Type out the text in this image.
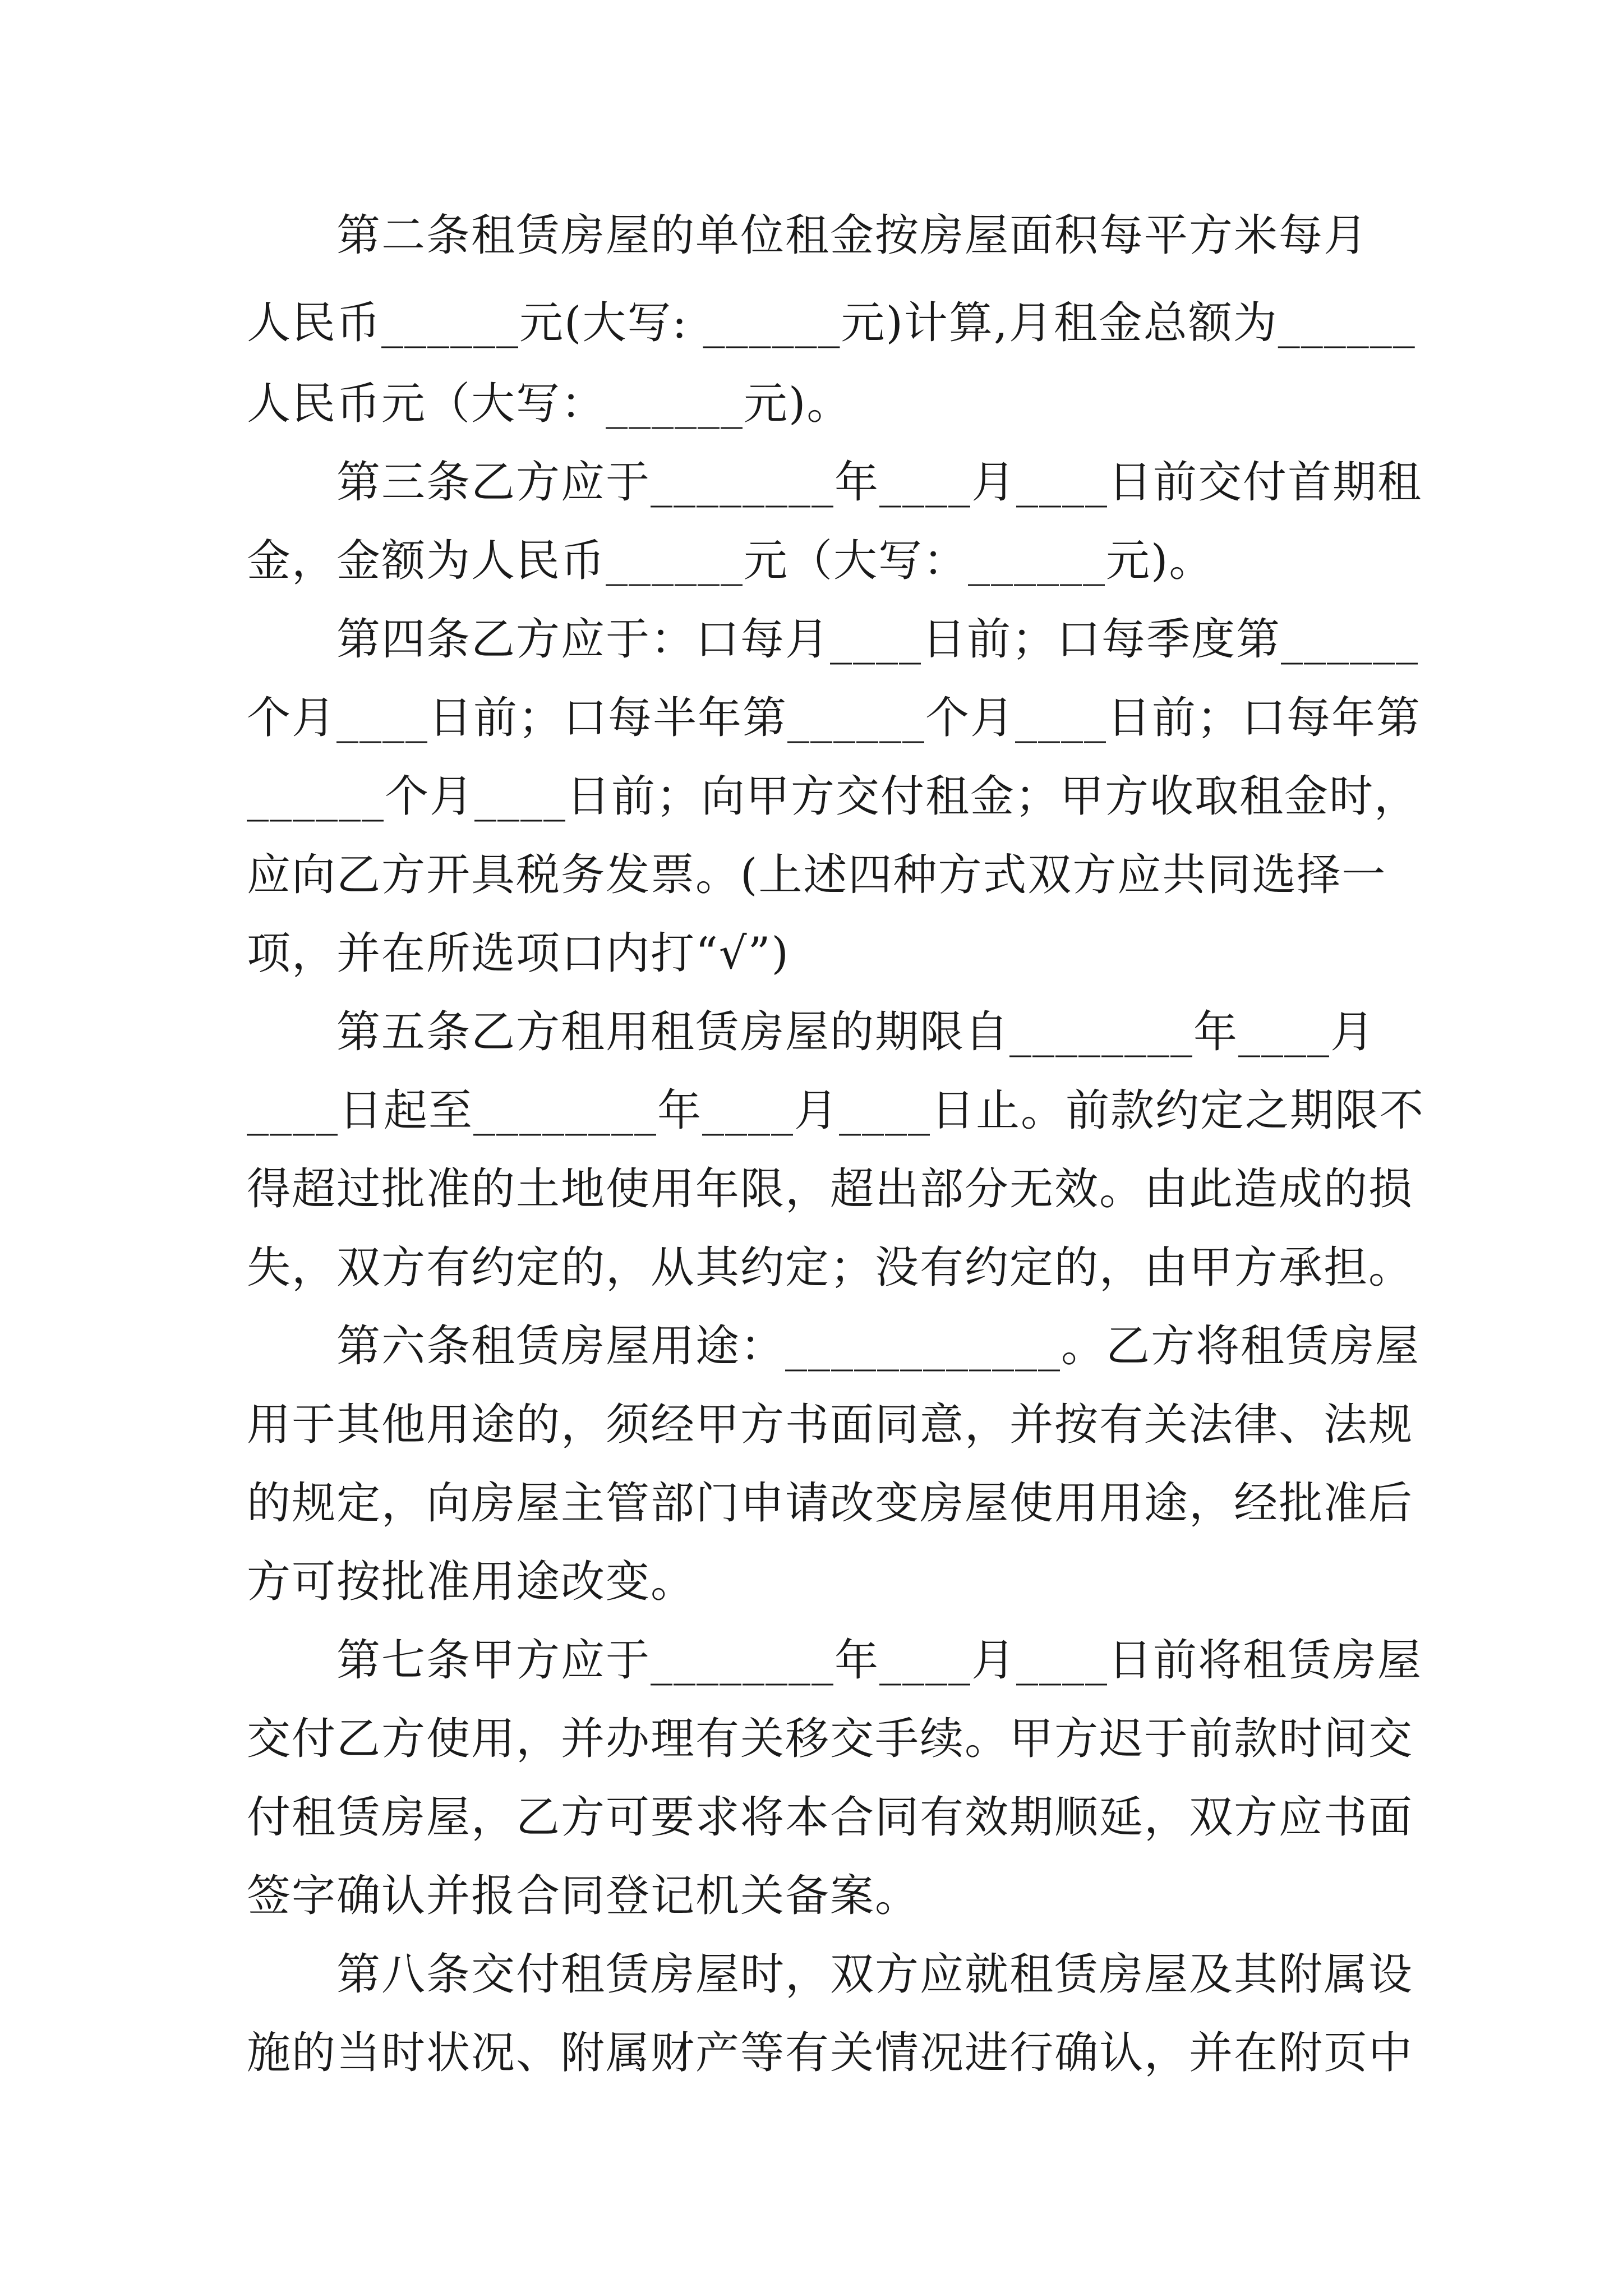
第二条租赁房屋的单位租金按房屋面积每平方米每月
人民币______元(大写: ______元)计算,月租金总额为______
人民币元（大写：______元)。
第三条乙方应于________年____月____日前交付首期租
金，金额为人民币______元（大写：______元)。
第四条乙方应于：口每月____日前；口每季度第______
个月____日前；口每半年第______个月____日前；口每年第
______个月____日前；向甲方交付租金；甲方收取租金时，
应向乙方开具税务发票。(上述四种方式双方应共同选择一
项，并在所选项口内打“√”)
第五条乙方租用租赁房屋的期限自________年____月
____日起至________年____月____日止。前款约定之期限不
得超过批准的土地使用年限，超出部分无效。由此造成的损
失，双方有约定的，从其约定；没有约定的，由甲方承担。
第六条租赁房屋用途：____________。乙方将租赁房屋
用于其他用途的，须经甲方书面同意，并按有关法律、法规
的规定，向房屋主管部门申请改变房屋使用用途，经批准后
方可按批准用途改变。
第七条甲方应于________年____月____日前将租赁房屋
交付乙方使用，并办理有关移交手续。甲方迟于前款时间交
付租赁房屋，乙方可要求将本合同有效期顺延，双方应书面
签字确认并报合同登记机关备案。
第八条交付租赁房屋时，双方应就租赁房屋及其附属设
施的当时状况、附属财产等有关情况进行确认，并在附页中
